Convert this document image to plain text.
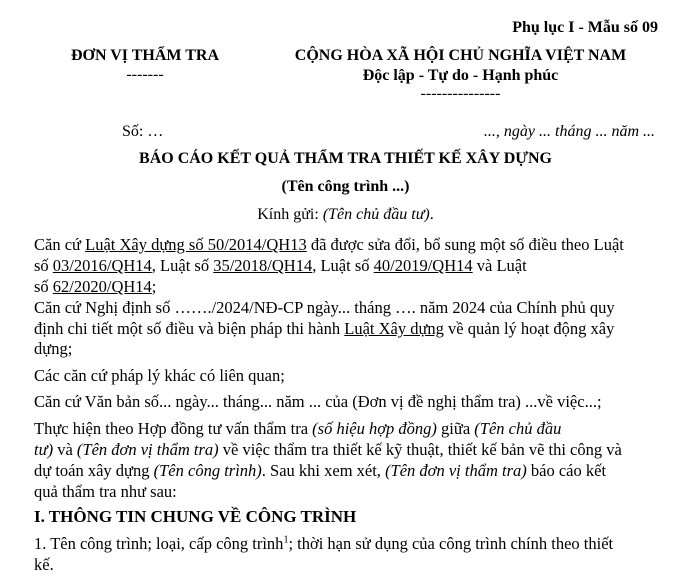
Phụ lục I - Mẫu số 09
ĐƠN VỊ THẨM TRA
-------
CỘNG HÒA XÃ HỘI CHỦ NGHĨA VIỆT NAM
Độc lập - Tự do - Hạnh phúc
---------------
Số: …	..., ngày ... tháng ... năm ...
BÁO CÁO KẾT QUẢ THẨM TRA THIẾT KẾ XÂY DỰNG
(Tên công trình ...)
Kính gửi: (Tên chủ đầu tư).
Căn cứ Luật Xây dựng số 50/2014/QH13 đã được sửa đổi, bổ sung một số điều theo Luật
số 03/2016/QH14, Luật số 35/2018/QH14, Luật số 40/2019/QH14 và Luật
số 62/2020/QH14;
Căn cứ Nghị định số ……./2024/NĐ-CP ngày... tháng …. năm 2024 của Chính phủ quy
định chi tiết một số điều và biện pháp thi hành Luật Xây dựng về quản lý hoạt động xây
dựng;
Các căn cứ pháp lý khác có liên quan;
Căn cứ Văn bản số... ngày... tháng... năm ... của (Đơn vị đề nghị thẩm tra) ...về việc...;
Thực hiện theo Hợp đồng tư vấn thẩm tra (số hiệu hợp đồng) giữa (Tên chủ đầu
tư) và (Tên đơn vị thẩm tra) về việc thẩm tra thiết kế kỹ thuật, thiết kế bản vẽ thi công và
dự toán xây dựng (Tên công trình). Sau khi xem xét, (Tên đơn vị thẩm tra) báo cáo kết
quả thẩm tra như sau:
I. THÔNG TIN CHUNG VỀ CÔNG TRÌNH
1. Tên công trình; loại, cấp công trình$^1$; thời hạn sử dụng của công trình chính theo thiết
kế.
